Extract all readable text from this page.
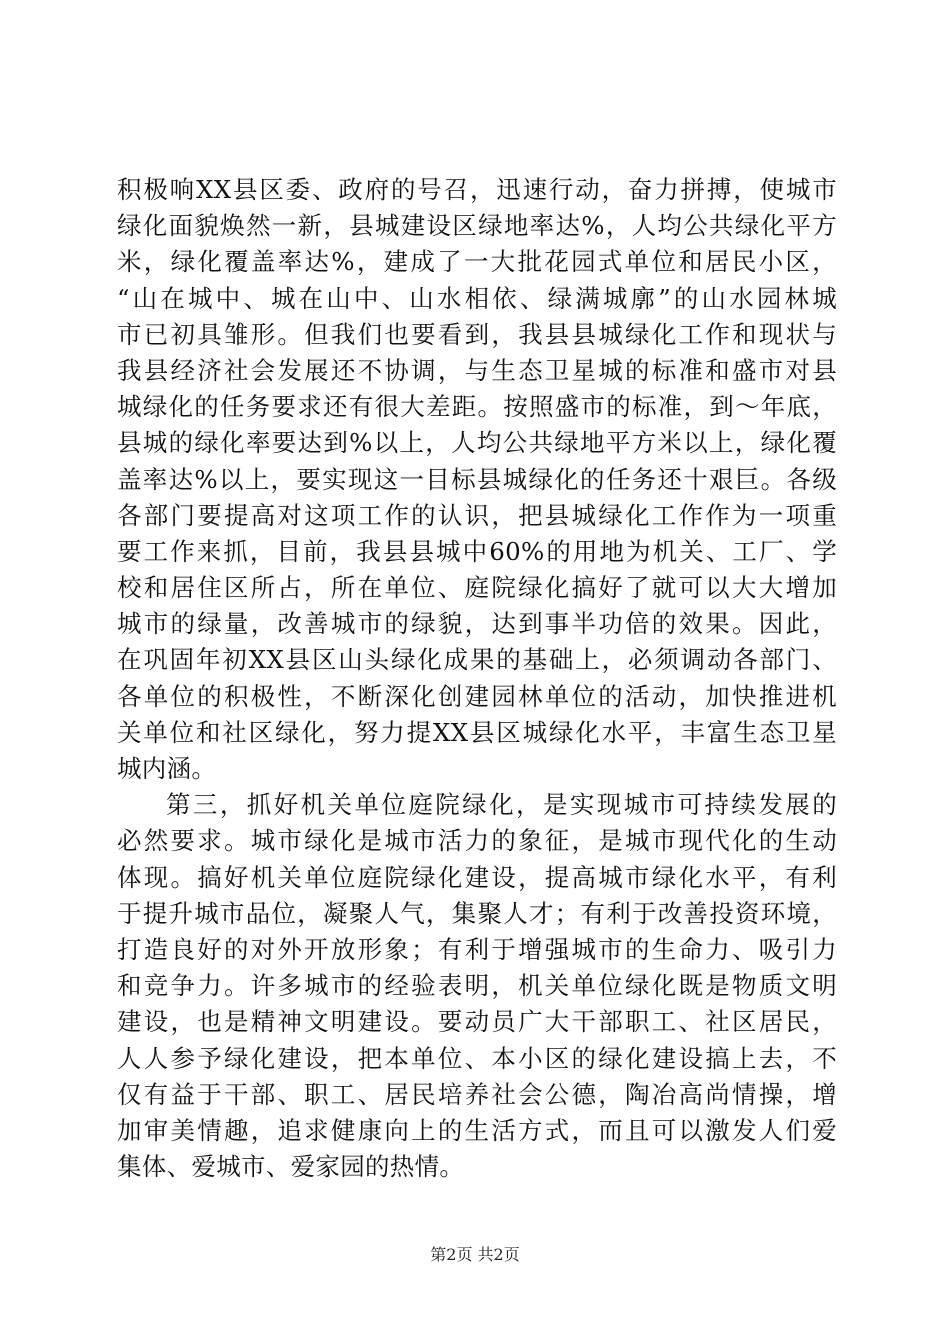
积极响XX县区委、政府的号召，迅速行动，奋力拼搏，使城市
绿化面貌焕然一新，县城建设区绿地率达%，人均公共绿化平方
米，绿化覆盖率达%，建成了一大批花园式单位和居民小区，
“山在城中、城在山中、山水相依、绿满城廓”的山水园林城
市已初具雏形。但我们也要看到，我县县城绿化工作和现状与
我县经济社会发展还不协调，与生态卫星城的标准和盛市对县
城绿化的任务要求还有很大差距。按照盛市的标准，到～年底，
县城的绿化率要达到%以上，人均公共绿地平方米以上，绿化覆
盖率达%以上，要实现这一目标县城绿化的任务还十艰巨。各级
各部门要提高对这项工作的认识，把县城绿化工作作为一项重
要工作来抓，目前，我县县城中60%的用地为机关、工厂、学
校和居住区所占，所在单位、庭院绿化搞好了就可以大大增加
城市的绿量，改善城市的绿貌，达到事半功倍的效果。因此，
在巩固年初XX县区山头绿化成果的基础上，必须调动各部门、
各单位的积极性，不断深化创建园林单位的活动，加快推进机
关单位和社区绿化，努力提XX县区城绿化水平，丰富生态卫星
城内涵。
第三，抓好机关单位庭院绿化，是实现城市可持续发展的
必然要求。城市绿化是城市活力的象征，是城市现代化的生动
体现。搞好机关单位庭院绿化建设，提高城市绿化水平，有利
于提升城市品位，凝聚人气，集聚人才；有利于改善投资环境，
打造良好的对外开放形象；有利于增强城市的生命力、吸引力
和竞争力。许多城市的经验表明，机关单位绿化既是物质文明
建设，也是精神文明建设。要动员广大干部职工、社区居民，
人人参予绿化建设，把本单位、本小区的绿化建设搞上去，不
仅有益于干部、职工、居民培养社会公德，陶冶高尚情操，增
加审美情趣，追求健康向上的生活方式，而且可以激发人们爱
集体、爱城市、爱家园的热情。
第2页 共2页
